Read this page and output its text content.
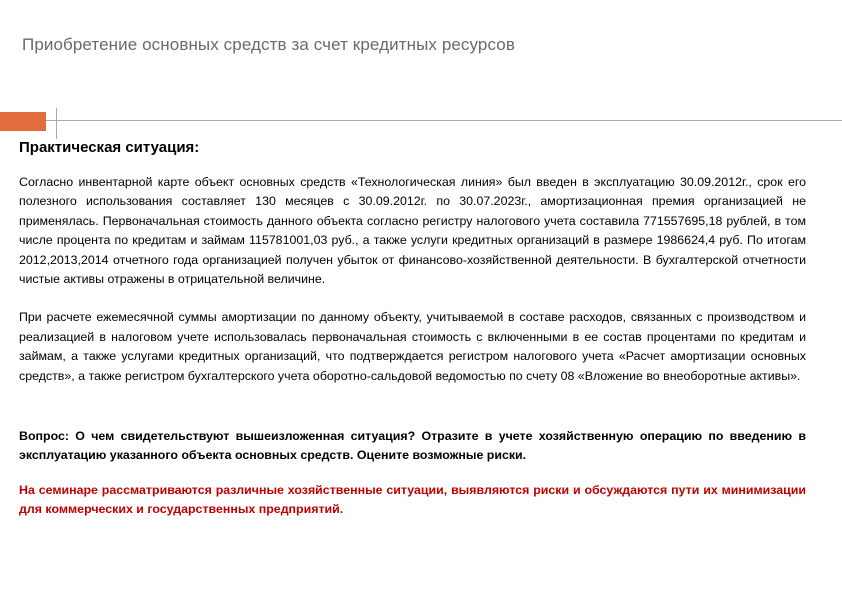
Приобретение основных средств за счет кредитных ресурсов
Практическая ситуация:

Согласно инвентарной карте объект основных средств «Технологическая линия» был введен в эксплуатацию 30.09.2012г., срок его полезного использования составляет 130 месяцев с 30.09.2012г. по 30.07.2023г., амортизационная премия организацией не применялась. Первоначальная стоимость данного объекта согласно регистру налогового учета составила 771557695,18 рублей, в том числе процента по кредитам и займам 115781001,03 руб., а также услуги кредитных организаций в размере 1986624,4 руб. По итогам 2012,2013,2014 отчетного года организацией получен убыток от финансово-хозяйственной деятельности. В бухгалтерской отчетности чистые активы отражены в отрицательной величине.

При расчете ежемесячной суммы амортизации по данному объекту, учитываемой в составе расходов, связанных с производством и реализацией в налоговом учете использовалась первоначальная стоимость с включенными в ее состав процентами по кредитам и займам, а также услугами кредитных организаций, что подтверждается регистром налогового учета «Расчет амортизации основных средств», а также регистром бухгалтерского учета оборотно-сальдовой ведомостью по счету 08 «Вложение во внеоборотные активы».

Вопрос: О чем свидетельствуют вышеизложенная ситуация? Отразите в учете хозяйственную операцию по введению в эксплуатацию указанного объекта основных средств. Оцените возможные риски.

На семинаре рассматриваются различные хозяйственные ситуации, выявляются риски и обсуждаются пути их минимизации для коммерческих и государственных предприятий.
